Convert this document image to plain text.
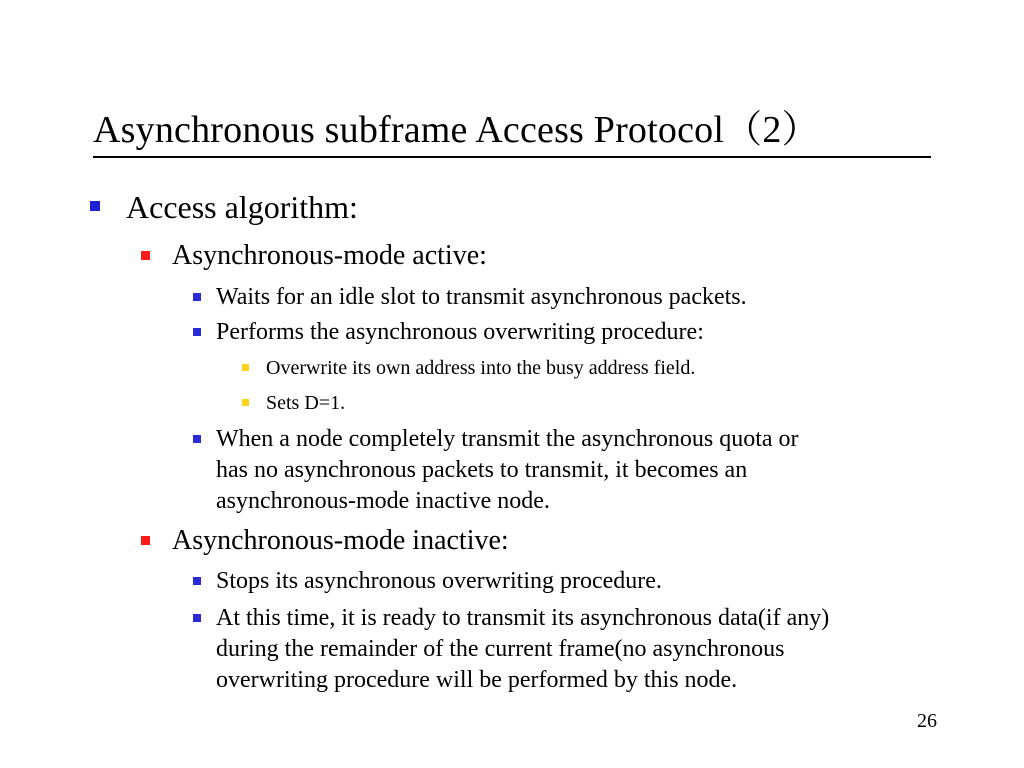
Asynchronous subframe Access Protocol（2）
Access algorithm:
Asynchronous-mode active:
Waits for an idle slot to transmit asynchronous packets.
Performs the asynchronous overwriting procedure:
Overwrite its own address into the busy address field.
Sets D=1.
When a node completely transmit the asynchronous quota or
has no asynchronous packets to transmit, it becomes an
asynchronous-mode inactive node.
Asynchronous-mode inactive:
Stops its asynchronous overwriting procedure.
At this time, it is ready to transmit its asynchronous data(if any)
during the remainder of the current frame(no asynchronous
overwriting procedure will be performed by this node.
26
